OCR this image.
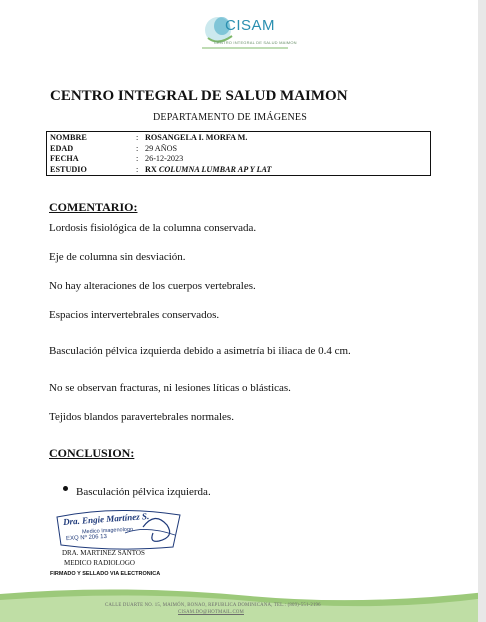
CISAM
CENTRO INTEGRAL DE SALUD MAIMON
CENTRO INTEGRAL DE SALUD MAIMON
DEPARTAMENTO DE IMÁGENES
NOMBRE	: ROSANGELA I. MORFA M.
EDAD	: 29 AÑOS
FECHA	: 26-12-2023
ESTUDIO	: RX COLUMNA LUMBAR AP Y LAT
COMENTARIO:
Lordosis fisiológica de la columna conservada.
Eje de columna sin desviación.
No hay alteraciones de los cuerpos vertebrales.
Espacios intervertebrales conservados.
Basculación pélvica izquierda debido a asimetría bi iliaca de 0.4 cm.
No se observan fracturas, ni lesiones líticas o blásticas.
Tejidos blandos paravertebrales normales.
CONCLUSION:
Basculación pélvica izquierda.
Dra. Engie Martínez S.
Medico Imagenologo
EXQ Nº 206 13
DRA. MARTINEZ SANTOS
MEDICO RADIOLOGO
FIRMADO Y SELLADO VIA ELECTRONICA
CALLE DUARTE NO. 15, MAIMÓN, BONAO, REPUBLICA DOMINICANA, TEL.: (809)-551-2196
CISAM.DO@HOTMAIL.COM
